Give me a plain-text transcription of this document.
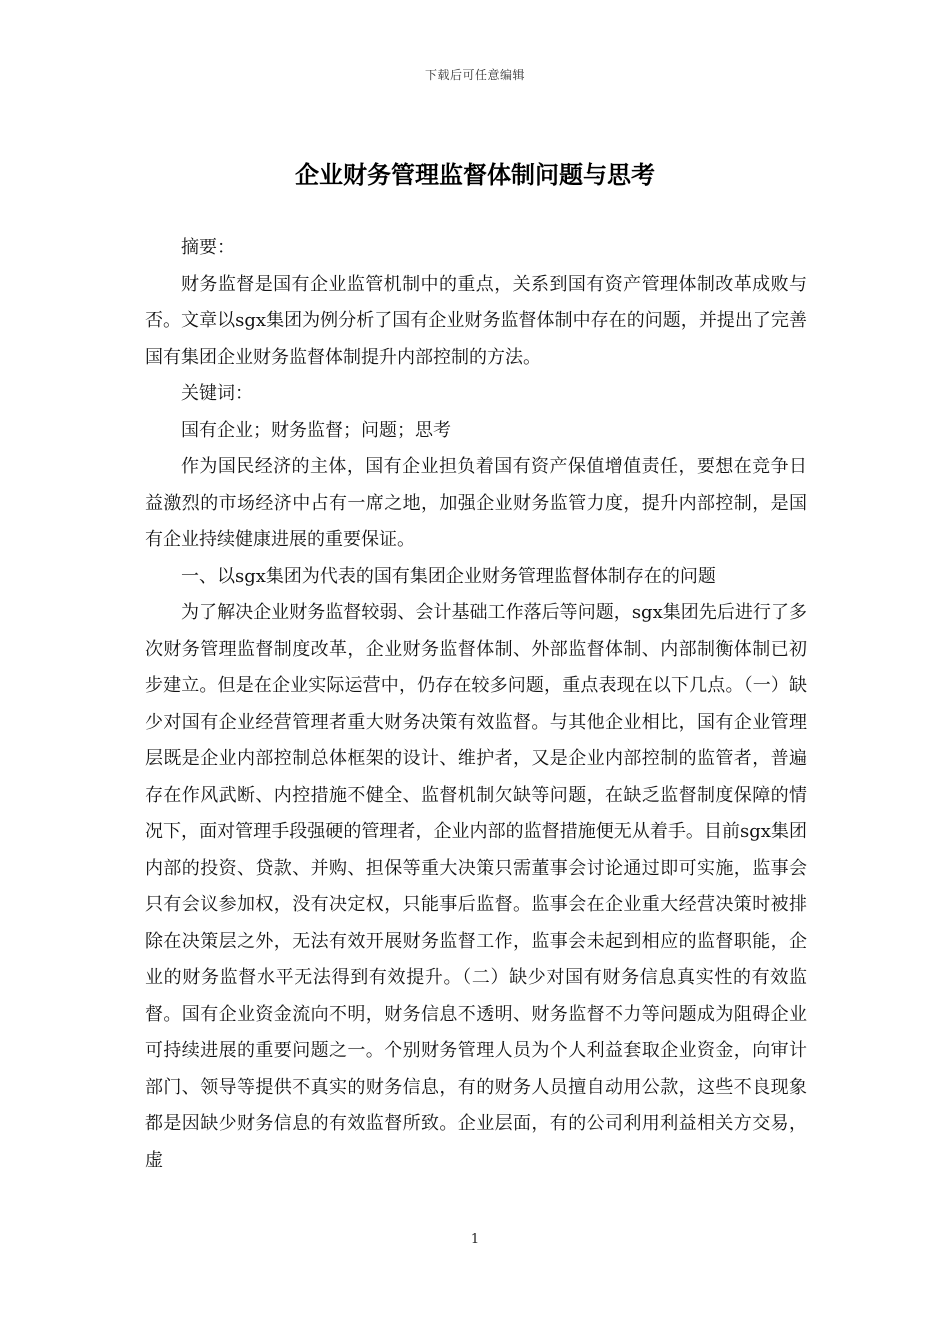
下载后可任意编辑
企业财务管理监督体制问题与思考

摘要：

财务监督是国有企业监管机制中的重点，关系到国有资产管理体制改革成败与否。文章以sgx集团为例分析了国有企业财务监督体制中存在的问题，并提出了完善国有集团企业财务监督体制提升内部控制的方法。

关键词：

国有企业；财务监督；问题；思考

作为国民经济的主体，国有企业担负着国有资产保值增值责任，要想在竞争日益激烈的市场经济中占有一席之地，加强企业财务监管力度，提升内部控制，是国有企业持续健康进展的重要保证。

一、以sgx集团为代表的国有集团企业财务管理监督体制存在的问题

为了解决企业财务监督较弱、会计基础工作落后等问题，sgx集团先后进行了多次财务管理监督制度改革，企业财务监督体制、外部监督体制、内部制衡体制已初步建立。但是在企业实际运营中，仍存在较多问题，重点表现在以下几点。（一）缺少对国有企业经营管理者重大财务决策有效监督。与其他企业相比，国有企业管理层既是企业内部控制总体框架的设计、维护者，又是企业内部控制的监管者，普遍存在作风武断、内控措施不健全、监督机制欠缺等问题，在缺乏监督制度保障的情况下，面对管理手段强硬的管理者，企业内部的监督措施便无从着手。目前sgx集团内部的投资、贷款、并购、担保等重大决策只需董事会讨论通过即可实施，监事会只有会议参加权，没有决定权，只能事后监督。监事会在企业重大经营决策时被排除在决策层之外，无法有效开展财务监督工作，监事会未起到相应的监督职能，企业的财务监督水平无法得到有效提升。（二）缺少对国有财务信息真实性的有效监督。国有企业资金流向不明，财务信息不透明、财务监督不力等问题成为阻碍企业可持续进展的重要问题之一。个别财务管理人员为个人利益套取企业资金，向审计部门、领导等提供不真实的财务信息，有的财务人员擅自动用公款，这些不良现象都是因缺少财务信息的有效监督所致。企业层面，有的公司利用利益相关方交易，虚

1
